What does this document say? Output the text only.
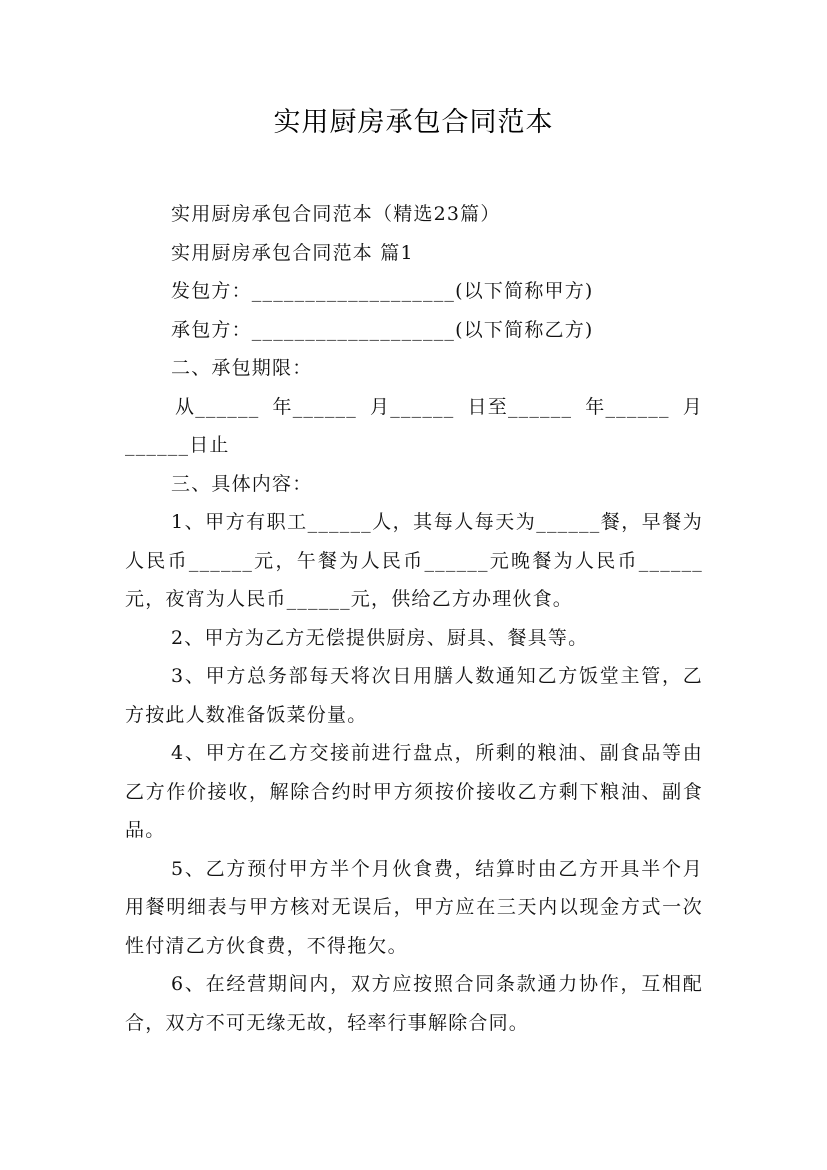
实用厨房承包合同范本

实用厨房承包合同范本（精选23篇）

实用厨房承包合同范本 篇1

发包方：___________________(以下简称甲方)

承包方：___________________(以下简称乙方)

二、承包期限：

从______ 年______ 月______ 日至______ 年______ 月

______日止

三、具体内容：

1、甲方有职工______人，其每人每天为______餐，早餐为人民币______元，午餐为人民币______元晚餐为人民币______元，夜宵为人民币______元，供给乙方办理伙食。

2、甲方为乙方无偿提供厨房、厨具、餐具等。

3、甲方总务部每天将次日用膳人数通知乙方饭堂主管，乙方按此人数准备饭菜份量。

4、甲方在乙方交接前进行盘点，所剩的粮油、副食品等由乙方作价接收，解除合约时甲方须按价接收乙方剩下粮油、副食品。

5、乙方预付甲方半个月伙食费，结算时由乙方开具半个月用餐明细表与甲方核对无误后，甲方应在三天内以现金方式一次性付清乙方伙食费，不得拖欠。

6、在经营期间内，双方应按照合同条款通力协作，互相配合，双方不可无缘无故，轻率行事解除合同。
